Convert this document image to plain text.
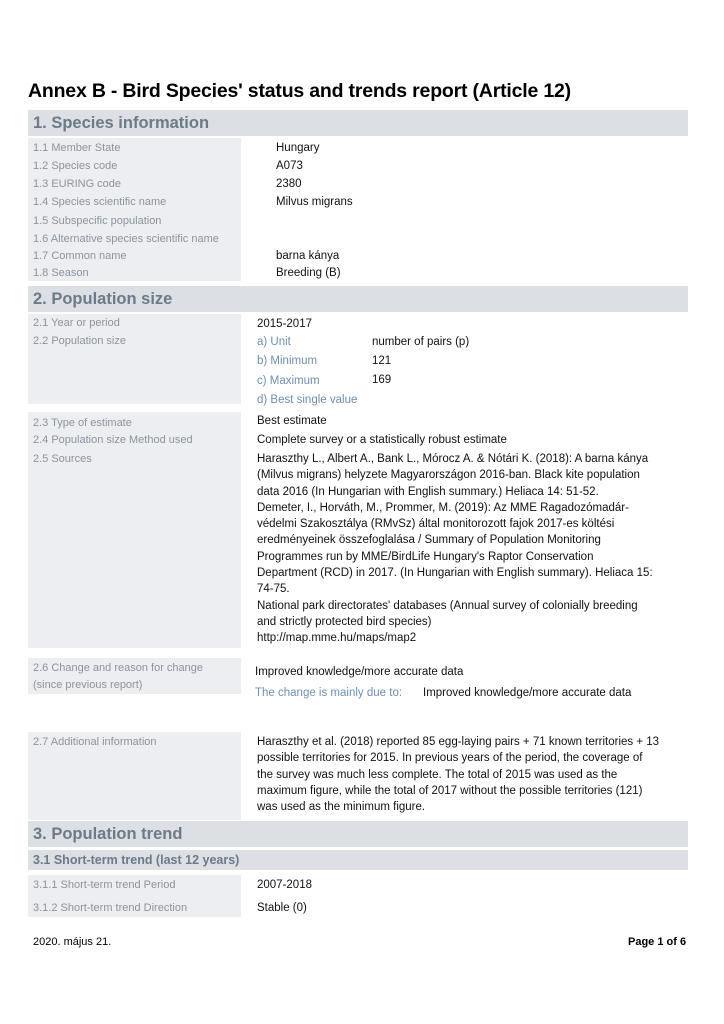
Annex B - Bird Species' status and trends report (Article 12)
1. Species information
1.1 Member State	Hungary
1.2 Species code	A073
1.3 EURING code	2380
1.4 Species scientific name	Milvus migrans
1.5 Subspecific population
1.6 Alternative species scientific name
1.7 Common name	barna kánya
1.8 Season	Breeding (B)
2. Population size
2.1 Year or period	2015-2017
2.2 Population size	a) Unit	number of pairs (p)
b) Minimum	121
c) Maximum	169
d) Best single value
2.3 Type of estimate	Best estimate
2.4 Population size Method used	Complete survey or a statistically robust estimate
2.5 Sources	Haraszthy L., Albert A., Bank L., Mórocz A. & Nótári K. (2018): A barna kánya
(Milvus migrans) helyzete Magyarországon 2016-ban. Black kite population
data 2016 (In Hungarian with English summary.) Heliaca 14: 51-52.
Demeter, I., Horváth, M., Prommer, M. (2019): Az MME Ragadozómadár-
védelmi Szakosztálya (RMvSz) által monitorozott fajok 2017-es költési
eredményeinek összefoglalása / Summary of Population Monitoring
Programmes run by MME/BirdLife Hungary's Raptor Conservation
Department (RCD) in 2017. (In Hungarian with English summary). Heliaca 15:
74-75.
National park directorates' databases (Annual survey of colonially breeding
and strictly protected bird species)
http://map.mme.hu/maps/map2
2.6 Change and reason for change
(since previous report)
Improved knowledge/more accurate data
The change is mainly due to: Improved knowledge/more accurate data
2.7 Additional information	Haraszthy et al. (2018) reported 85 egg-laying pairs + 71 known territories + 13
possible territories for 2015. In previous years of the period, the coverage of
the survey was much less complete. The total of 2015 was used as the
maximum figure, while the total of 2017 without the possible territories (121)
was used as the minimum figure.
3. Population trend
3.1 Short-term trend (last 12 years)
3.1.1 Short-term trend Period	2007-2018
3.1.2 Short-term trend Direction	Stable (0)
2020. május 21.	Page 1 of 6
